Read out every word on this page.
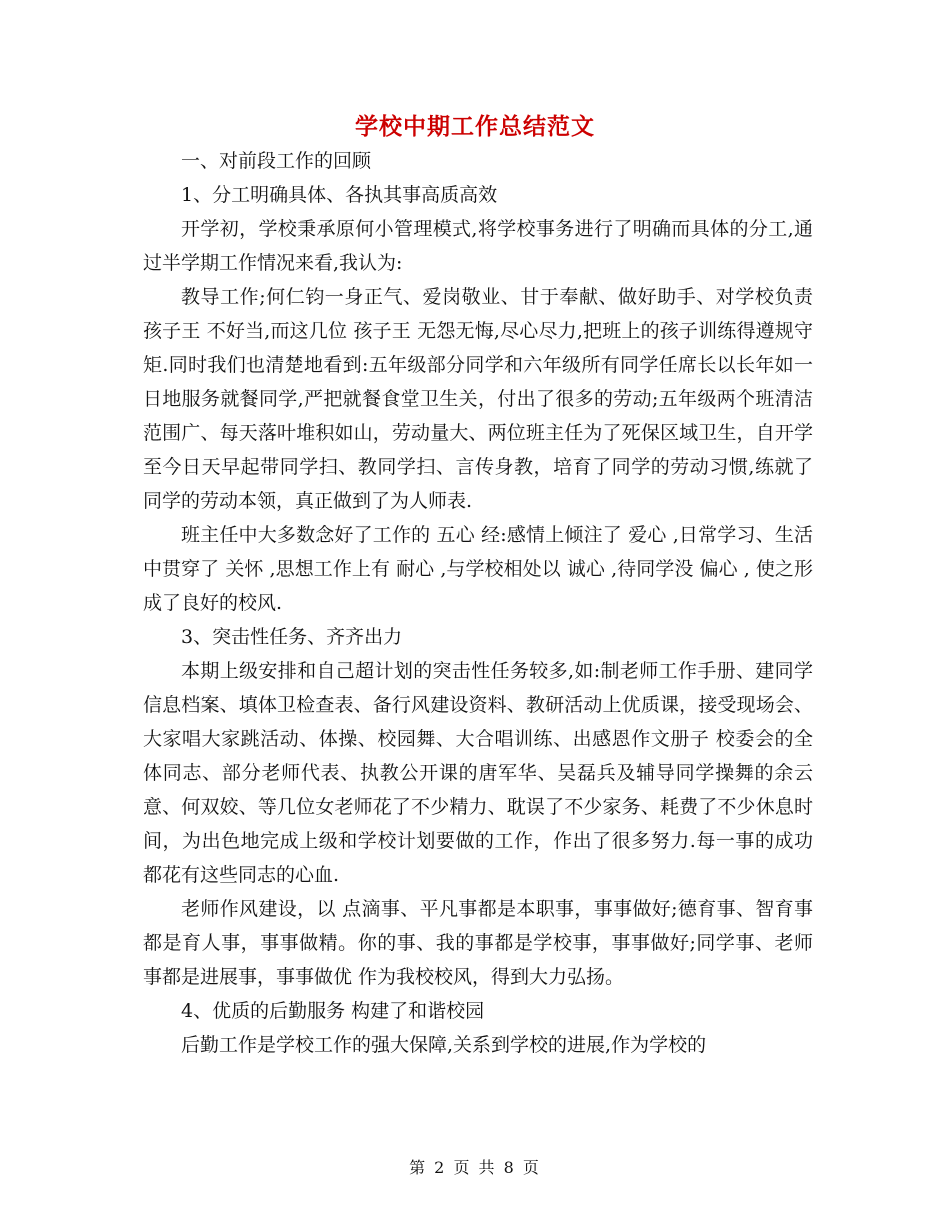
学校中期工作总结范文

一、对前段工作的回顾

1、分工明确具体、各执其事高质高效

开学初，学校秉承原何小管理模式,将学校事务进行了明确而具体的分工,通过半学期工作情况来看,我认为:

教导工作;何仁钧一身正气、爱岗敬业、甘于奉献、做好助手、对学校负责 孩子王 不好当,而这几位 孩子王 无怨无悔,尽心尽力,把班上的孩子训练得遵规守矩.同时我们也清楚地看到:五年级部分同学和六年级所有同学任席长以长年如一日地服务就餐同学,严把就餐食堂卫生关，付出了很多的劳动;五年级两个班清洁范围广、每天落叶堆积如山，劳动量大、两位班主任为了死保区域卫生，自开学至今日天早起带同学扫、教同学扫、言传身教，培育了同学的劳动习惯,练就了同学的劳动本领，真正做到了为人师表.

班主任中大多数念好了工作的 五心 经:感情上倾注了 爱心 ,日常学习、生活中贯穿了 关怀 ,思想工作上有 耐心 ,与学校相处以 诚心 ,待同学没 偏心 , 使之形成了良好的校风.

3、突击性任务、齐齐出力

本期上级安排和自己超计划的突击性任务较多,如:制老师工作手册、建同学信息档案、填体卫检查表、备行风建设资料、教研活动上优质课，接受现场会、大家唱大家跳活动、体操、校园舞、大合唱训练、出感恩作文册子 校委会的全体同志、部分老师代表、执教公开课的唐军华、吴磊兵及辅导同学操舞的余云意、何双姣、等几位女老师花了不少精力、耽误了不少家务、耗费了不少休息时间，为出色地完成上级和学校计划要做的工作，作出了很多努力.每一事的成功都花有这些同志的心血.

老师作风建设，以 点滴事、平凡事都是本职事，事事做好;德育事、智育事都是育人事，事事做精。你的事、我的事都是学校事，事事做好;同学事、老师事都是进展事，事事做优 作为我校校风，得到大力弘扬。

4、优质的后勤服务 构建了和谐校园

后勤工作是学校工作的强大保障,关系到学校的进展,作为学校的

第 2 页 共 8 页
